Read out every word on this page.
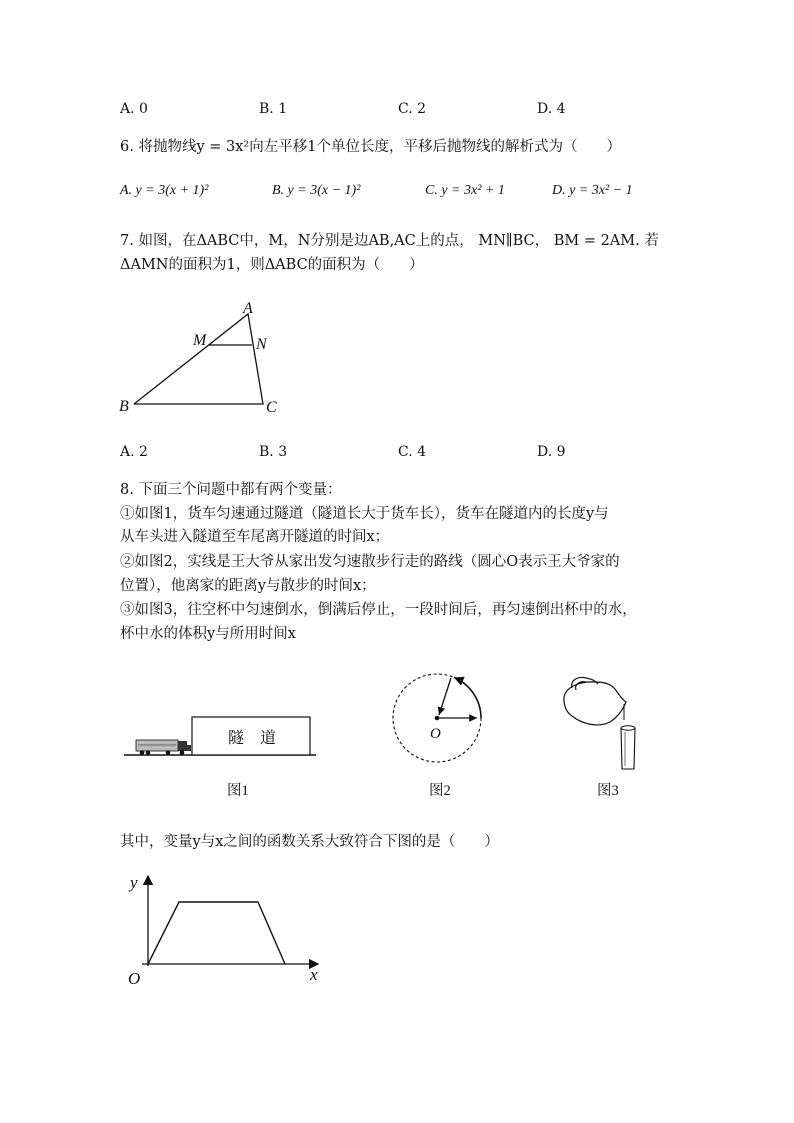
A. 0	B. 1	C. 2	D. 4
6. 将抛物线y = 3x²向左平移1个单位长度，平移后抛物线的解析式为（　　）
A. y = 3(x + 1)²	B. y = 3(x − 1)²	C. y = 3x² + 1	D. y = 3x² − 1
7. 如图，在ΔABC中，M，N分别是边AB,AC上的点， MN∥BC， BM = 2AM. 若
ΔAMN的面积为1，则ΔABC的面积为（　　）
A
M	N
B	C
A. 2	B. 3	C. 4	D. 9
8. 下面三个问题中都有两个变量：
①如图1，货车匀速通过隧道（隧道长大于货车长），货车在隧道内的长度y与
从车头进入隧道至车尾离开隧道的时间x；
②如图2，实线是王大爷从家出发匀速散步行走的路线（圆心O表示王大爷家的
位置），他离家的距离y与散步的时间x；
③如图3，往空杯中匀速倒水，倒满后停止，一段时间后，再匀速倒出杯中的水，
杯中水的体积y与所用时间x
隧　道
图1
O
图2	图3
其中，变量y与x之间的函数关系大致符合下图的是（　　）
y
x
O
